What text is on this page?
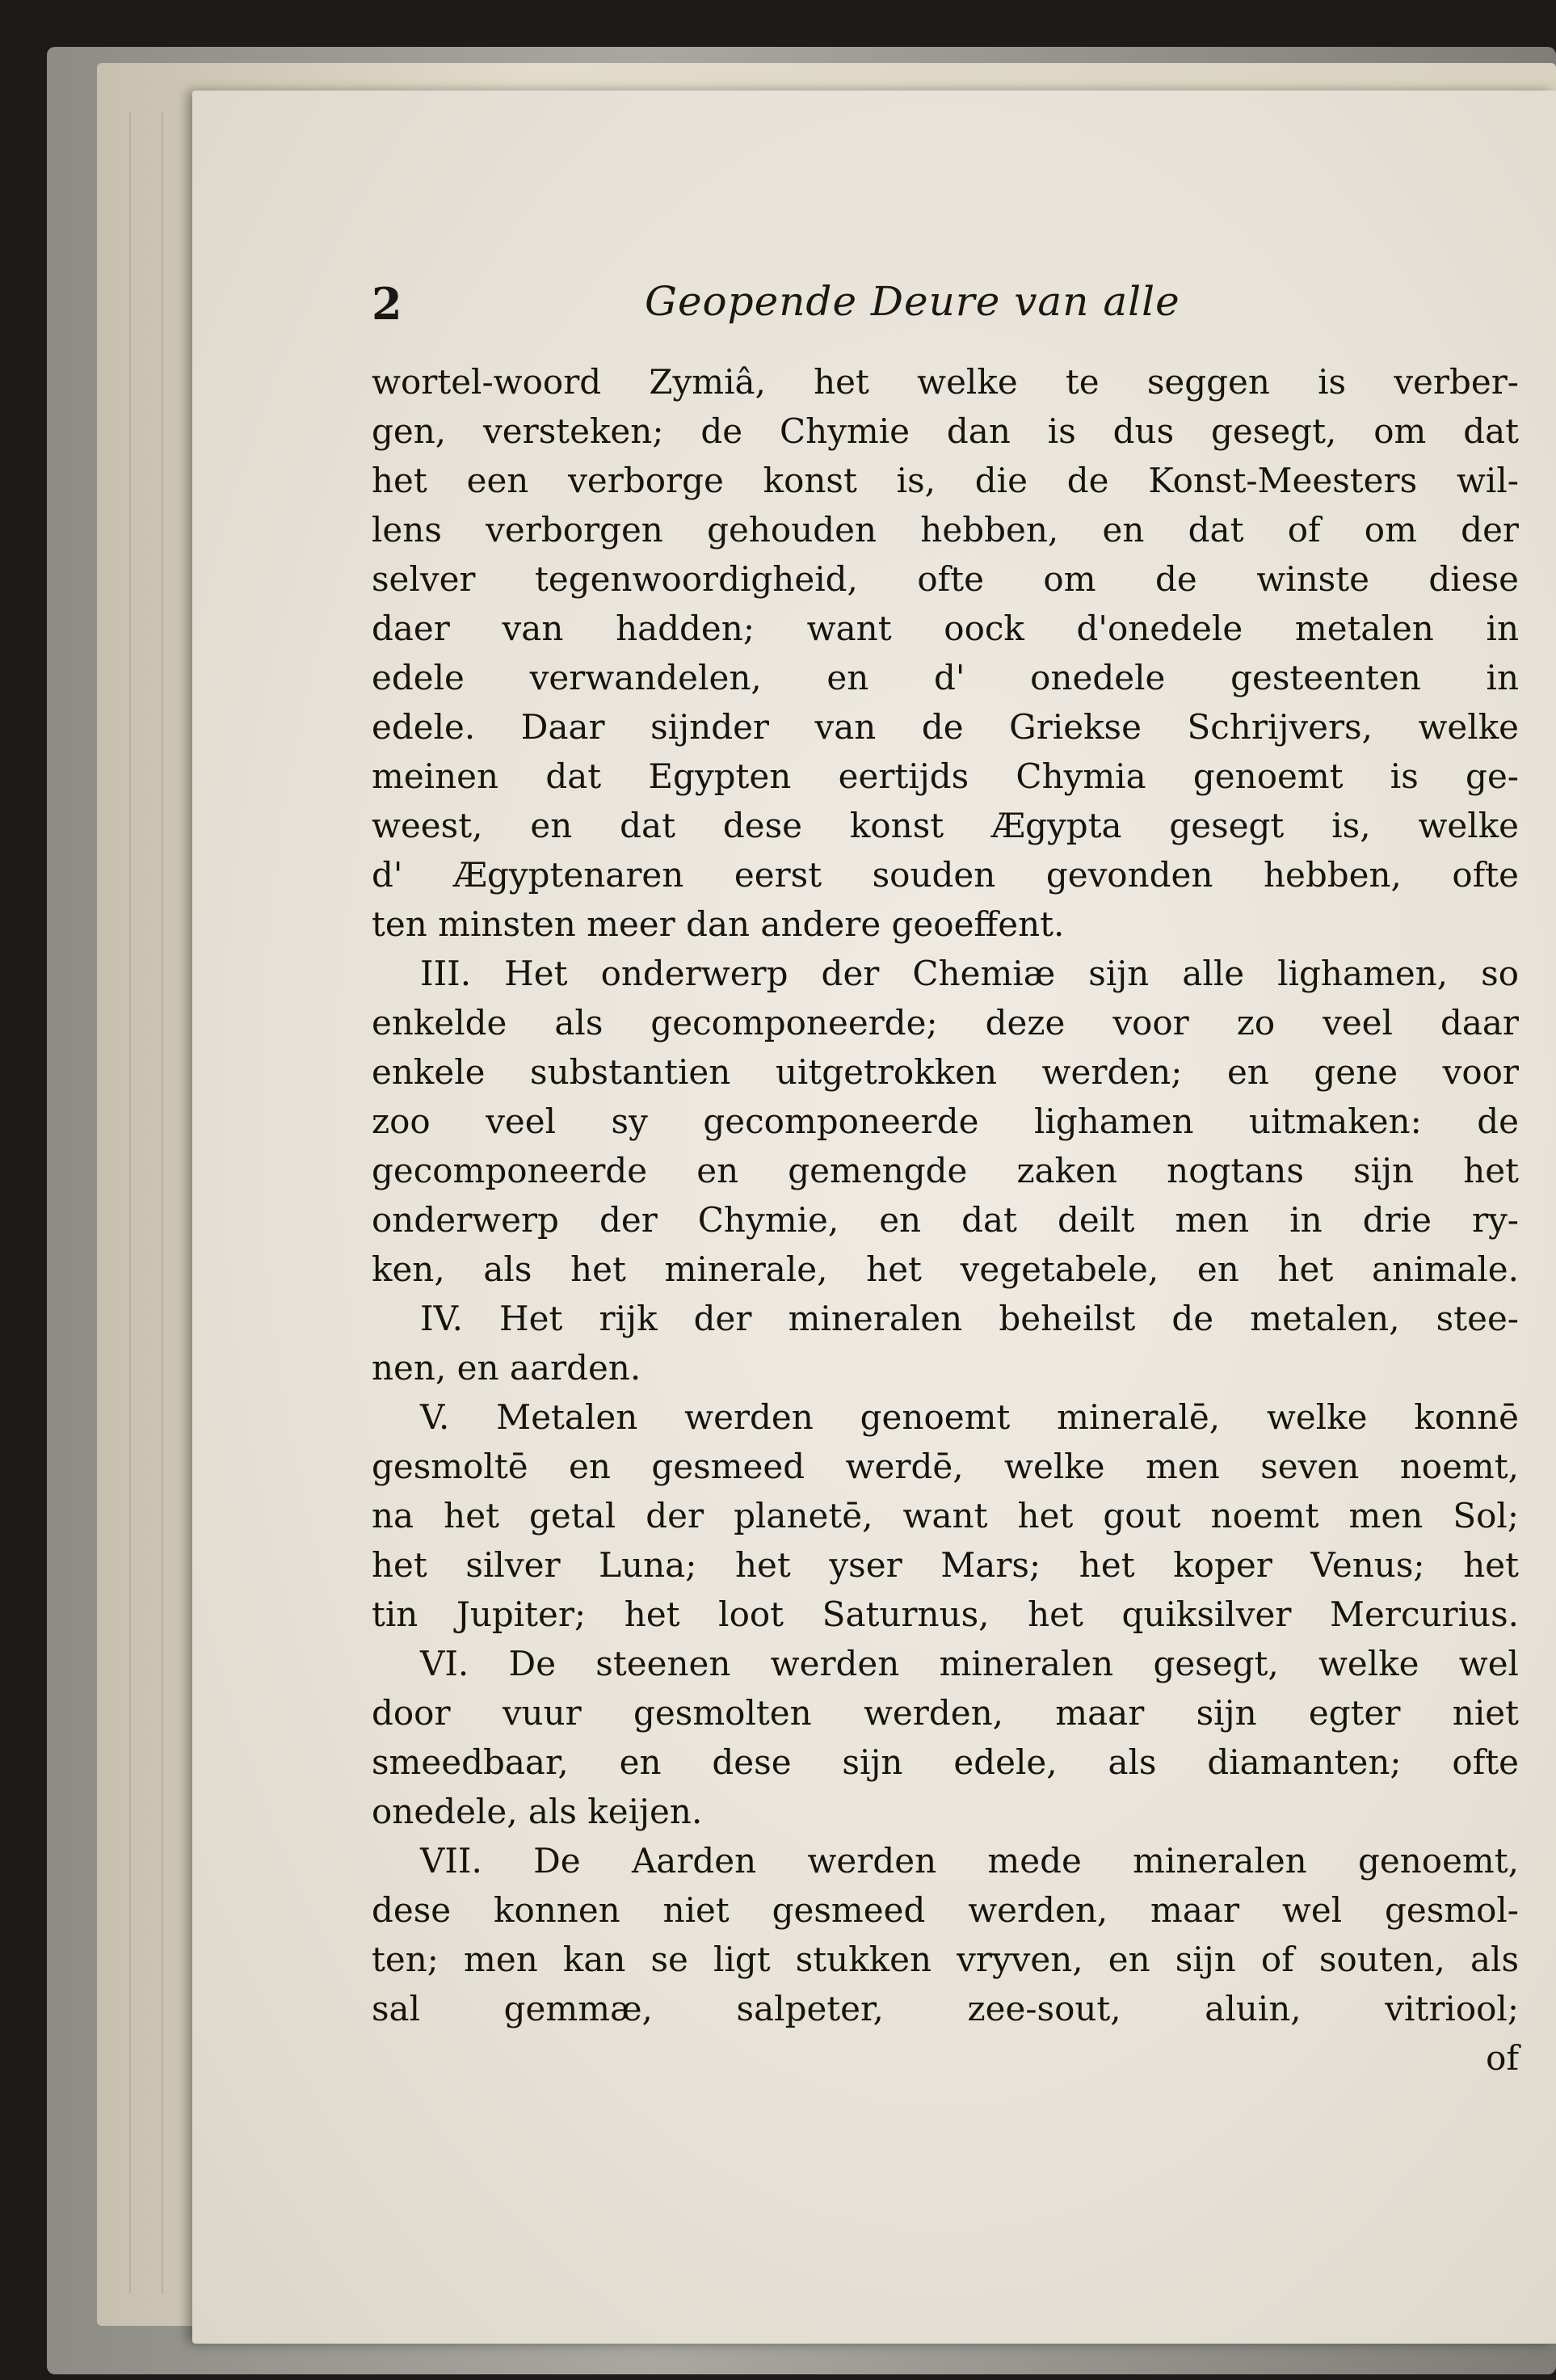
2	Geopende Deure van alle
wortel-woord Zymiâ, het welke te seggen is verber-
gen, versteken; de Chymie dan is dus gesegt, om dat
het een verborge konst is, die de Konst-Meesters wil-
lens verborgen gehouden hebben, en dat of om der
selver tegenwoordigheid, ofte om de winste diese
daer van hadden; want oock d'onedele metalen in
edele verwandelen, en d' onedele gesteenten in
edele. Daar sijnder van de Griekse Schrijvers, welke
meinen dat Egypten eertijds Chymia genoemt is ge-
weest, en dat dese konst Ægypta gesegt is, welke
d' Ægyptenaren eerst souden gevonden hebben, ofte
ten minsten meer dan andere geoeffent.
III. Het onderwerp der Chemiæ sijn alle lighamen, so
enkelde als gecomponeerde; deze voor zo veel daar
enkele substantien uitgetrokken werden; en gene voor
zoo veel sy gecomponeerde lighamen uitmaken: de
gecomponeerde en gemengde zaken nogtans sijn het
onderwerp der Chymie, en dat deilt men in drie ry-
ken, als het minerale, het vegetabele, en het animale.
IV. Het rijk der mineralen beheilst de metalen, stee-
nen, en aarden.
V. Metalen werden genoemt mineralē, welke konnē
gesmoltē en gesmeed werdē, welke men seven noemt,
na het getal der planetē, want het gout noemt men Sol;
het silver Luna; het yser Mars; het koper Venus; het
tin Jupiter; het loot Saturnus, het quiksilver Mercurius.
VI. De steenen werden mineralen gesegt, welke wel
door vuur gesmolten werden, maar sijn egter niet
smeedbaar, en dese sijn edele, als diamanten; ofte
onedele, als keijen.
VII. De Aarden werden mede mineralen genoemt,
dese konnen niet gesmeed werden, maar wel gesmol-
ten; men kan se ligt stukken vryven, en sijn of souten, als
sal gemmæ, salpeter, zee-sout, aluin, vitriool;
of
